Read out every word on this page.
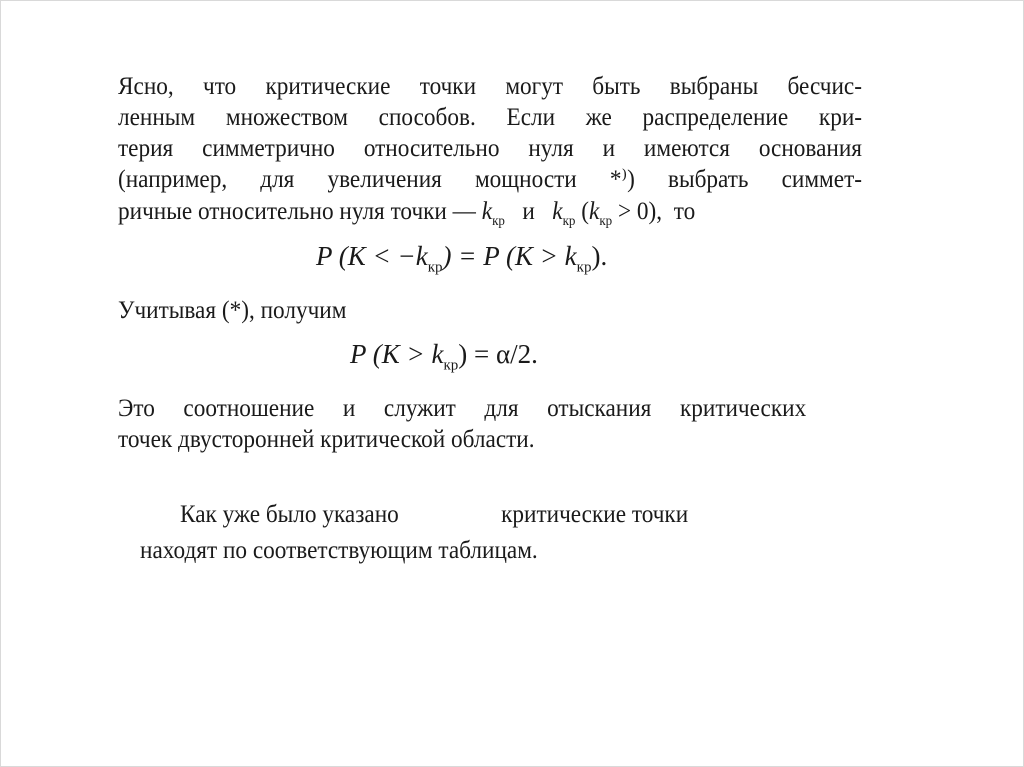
Ясно, что критические точки могут быть выбраны бесчис-
ленным множеством способов. Если же распределение кри-
терия симметрично относительно нуля и имеются основания
(например, для увеличения мощности *⁾) выбрать симмет-
ричные относительно нуля точки — $k_{кр}$ и $k_{кр}$ $(k_{кр} > 0)$, то
P $(K < -k_{кр}) = P$ $(K > k_{кр})$.
Учитывая (*), получим
P $(K > k_{кр}) = \alpha/2$.
Это соотношение и служит для отыскания критических
точек двусторонней критической области.
Как уже было указано	критические точки
находят по соответствующим таблицам.
